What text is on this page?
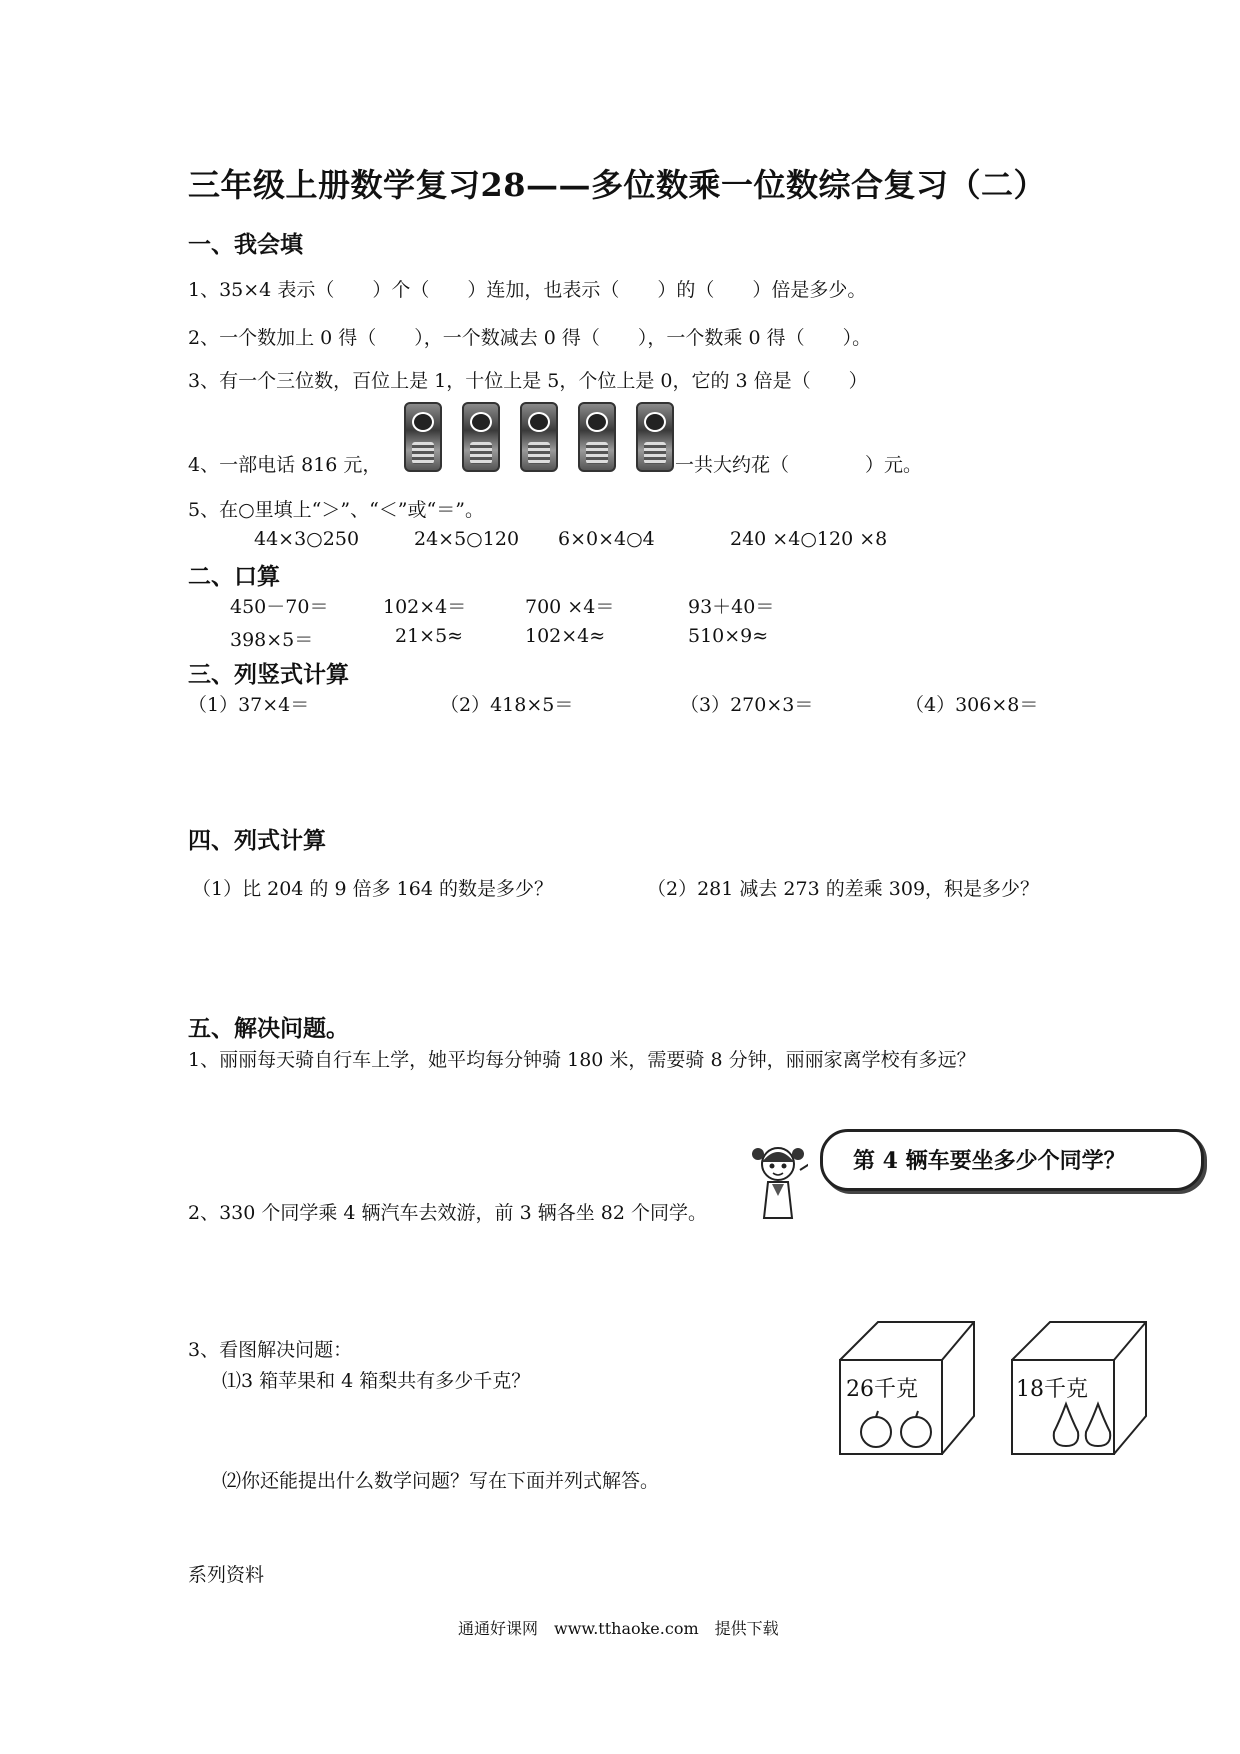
三年级上册数学复习28——多位数乘一位数综合复习（二）
一、我会填
1、35×4 表示（　　）个（　　）连加，也表示（　　）的（　　）倍是多少。
2、一个数加上 0 得（　　），一个数减去 0 得（　　），一个数乘 0 得（　　）。
3、有一个三位数，百位上是 1，十位上是 5，个位上是 0，它的 3 倍是（　　）
4、一部电话 816 元，	一共大约花（　　　　）元。
5、在○里填上“＞”、“＜”或“＝”。
44×3○250	24×5○120 6×0×4○4	240 ×4○120 ×8
二、口算
450－70＝	102×4＝	700 ×4＝	93＋40＝
398×5＝	21×5≈	102×4≈	510×9≈
三、列竖式计算
（1）37×4＝	（2）418×5＝	（3）270×3＝	（4）306×8＝
四、列式计算
（1）比 204 的 9 倍多 164 的数是多少？	（2）281 减去 273 的差乘 309，积是多少？
五、解决问题。
1、丽丽每天骑自行车上学，她平均每分钟骑 180 米，需要骑 8 分钟，丽丽家离学校有多远？
第 4 辆车要坐多少个同学？
2、330 个同学乘 4 辆汽车去效游，前 3 辆各坐 82 个同学。
3、看图解决问题：
⑴3 箱苹果和 4 箱梨共有多少千克？
⑵你还能提出什么数学问题？写在下面并列式解答。
26千克	18千克
系列资料
通通好课网　www.tthaoke.com　提供下载
